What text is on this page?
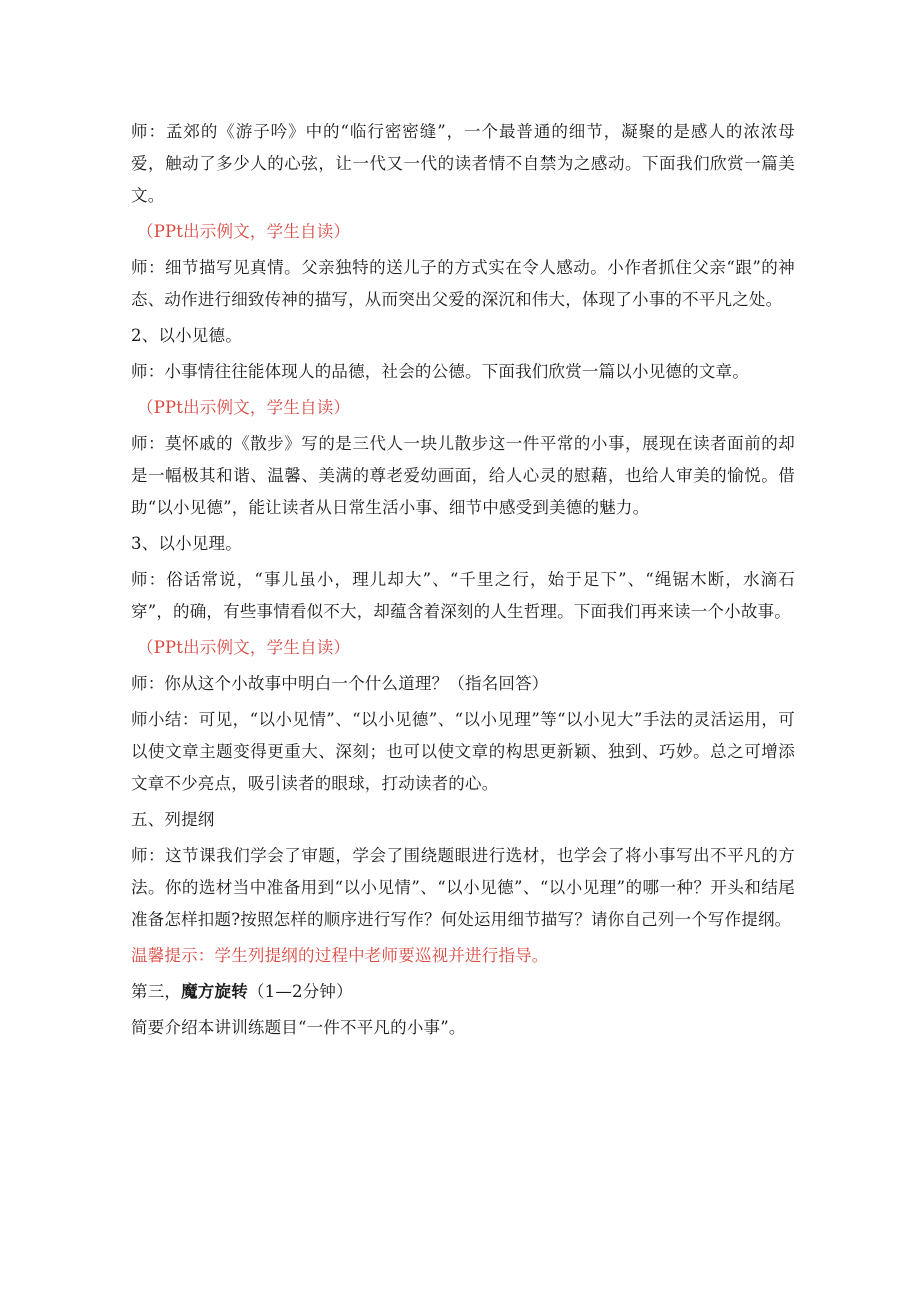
师：孟郊的《游子吟》中的“临行密密缝”，一个最普通的细节，凝聚的是感人的浓浓母爱，触动了多少人的心弦，让一代又一代的读者情不自禁为之感动。下面我们欣赏一篇美文。

（PPt出示例文，学生自读）

师：细节描写见真情。父亲独特的送儿子的方式实在令人感动。小作者抓住父亲“跟”的神态、动作进行细致传神的描写，从而突出父爱的深沉和伟大，体现了小事的不平凡之处。

2、以小见德。

师：小事情往往能体现人的品德，社会的公德。下面我们欣赏一篇以小见德的文章。

（PPt出示例文，学生自读）

师：莫怀戚的《散步》写的是三代人一块儿散步这一件平常的小事，展现在读者面前的却是一幅极其和谐、温馨、美满的尊老爱幼画面，给人心灵的慰藉，也给人审美的愉悦。借助“以小见德”，能让读者从日常生活小事、细节中感受到美德的魅力。

3、以小见理。

师：俗话常说，“事儿虽小，理儿却大”、“千里之行，始于足下”、“绳锯木断，水滴石穿”，的确，有些事情看似不大，却蕴含着深刻的人生哲理。下面我们再来读一个小故事。

（PPt出示例文，学生自读）

师：你从这个小故事中明白一个什么道理？（指名回答）

师小结：可见，“以小见情”、“以小见德”、“以小见理”等“以小见大”手法的灵活运用，可以使文章主题变得更重大、深刻；也可以使文章的构思更新颖、独到、巧妙。总之可增添文章不少亮点，吸引读者的眼球，打动读者的心。

五、列提纲

师：这节课我们学会了审题，学会了围绕题眼进行选材，也学会了将小事写出不平凡的方法。你的选材当中准备用到“以小见情”、“以小见德”、“以小见理”的哪一种？开头和结尾准备怎样扣题?按照怎样的顺序进行写作？何处运用细节描写？请你自己列一个写作提纲。

温馨提示：学生列提纲的过程中老师要巡视并进行指导。

第三，魔方旋转（1—2分钟）

简要介绍本讲训练题目“一件不平凡的小事”。
